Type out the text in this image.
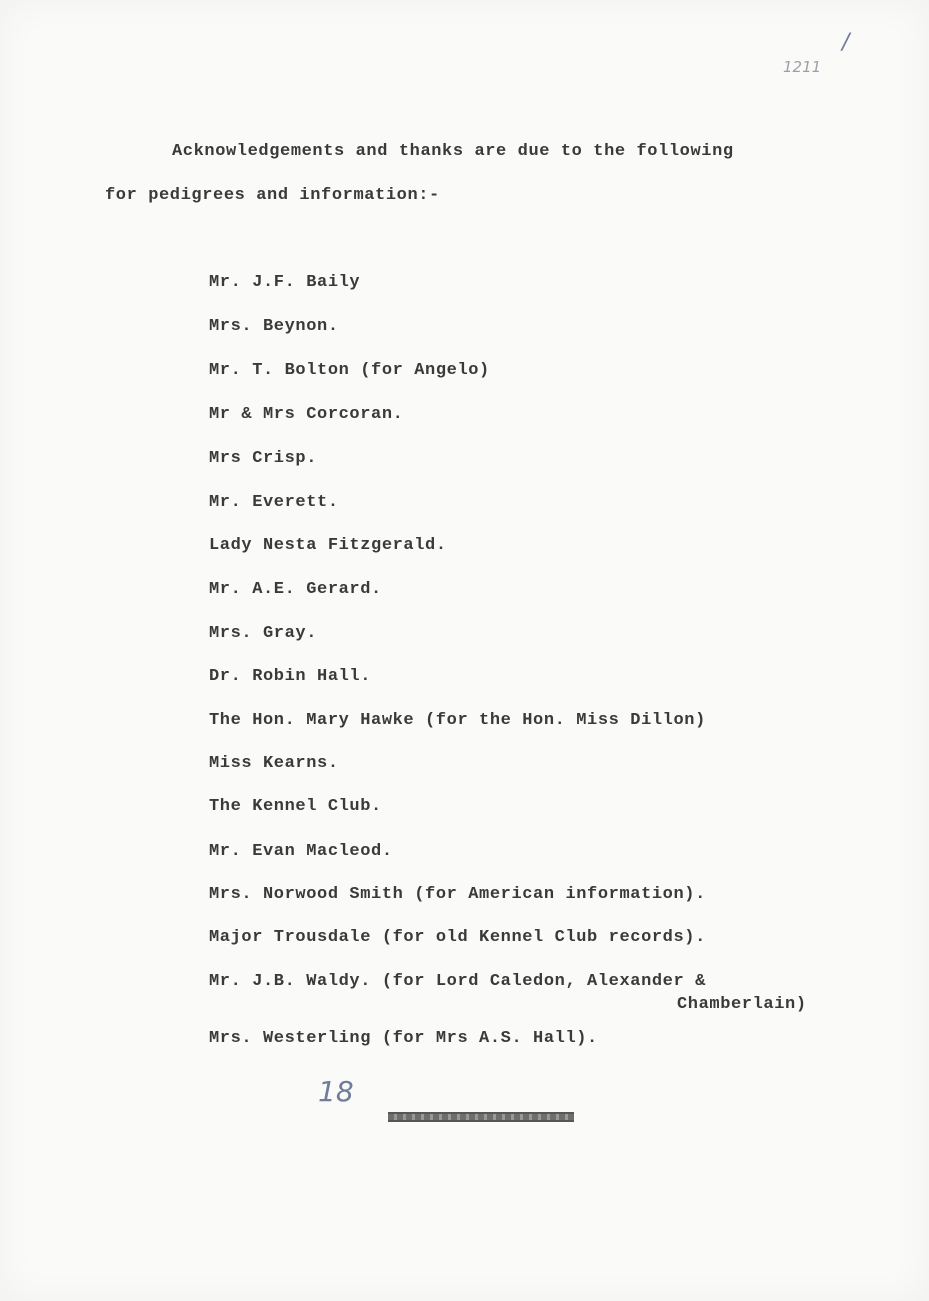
1211
/
Acknowledgements and thanks are due to the following
for pedigrees and information:-
Mr. J.F. Baily
Mrs. Beynon.
Mr. T. Bolton (for Angelo)
Mr & Mrs Corcoran.
Mrs Crisp.
Mr. Everett.
Lady Nesta Fitzgerald.
Mr. A.E. Gerard.
Mrs. Gray.
Dr. Robin Hall.
The Hon. Mary Hawke (for the Hon. Miss Dillon)
Miss Kearns.
The Kennel Club.
Mr. Evan Macleod.
Mrs. Norwood Smith (for American information).
Major Trousdale (for old Kennel Club records).
Mr. J.B. Waldy. (for Lord Caledon, Alexander &
Chamberlain)
Mrs. Westerling (for Mrs A.S. Hall).
18
